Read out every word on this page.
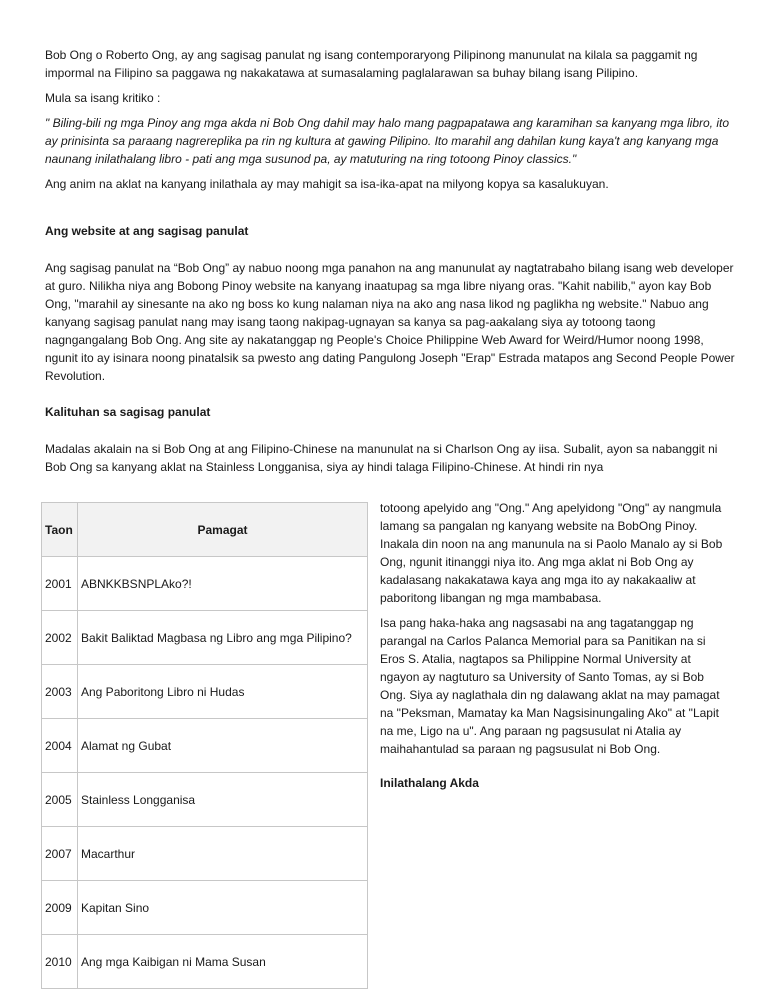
Bob Ong o Roberto Ong, ay ang sagisag panulat ng isang contemporaryong Pilipinong manunulat na kilala sa paggamit ng impormal na Filipino sa paggawa ng nakakatawa at sumasalaming paglalarawan sa buhay bilang isang Pilipino.

Mula sa isang kritiko :

" Biling-bili ng mga Pinoy ang mga akda ni Bob Ong dahil may halo mang pagpapatawa ang karamihan sa kanyang mga libro, ito ay prinisinta sa paraang nagrereplika pa rin ng kultura at gawing Pilipino. Ito marahil ang dahilan kung kaya't ang kanyang mga naunang inilathalang libro - pati ang mga susunod pa, ay matuturing na ring totoong Pinoy classics."

Ang anim na aklat na kanyang inilathala ay may mahigit sa isa-ika-apat na milyong kopya sa kasalukuyan.

Ang website at ang sagisag panulat

Ang sagisag panulat na “Bob Ong” ay nabuo noong mga panahon na ang manunulat ay nagtatrabaho bilang isang web developer at guro. Nilikha niya ang Bobong Pinoy website na kanyang inaatupag sa mga libre niyang oras. "Kahit nabilib," ayon kay Bob Ong, "marahil ay sinesante na ako ng boss ko kung nalaman niya na ako ang nasa likod ng paglikha ng website." Nabuo ang kanyang sagisag panulat nang may isang taong nakipag-ugnayan sa kanya sa pag-aakalang siya ay totoong taong nagngangalang Bob Ong. Ang site ay nakatanggap ng People's Choice Philippine Web Award for Weird/Humor noong 1998, ngunit ito ay isinara noong pinatalsik sa pwesto ang dating Pangulong Joseph "Erap" Estrada matapos ang Second People Power Revolution.

Kalituhan sa sagisag panulat

Madalas akalain na si Bob Ong at ang Filipino-Chinese na manunulat na si Charlson Ong ay iisa. Subalit, ayon sa nabanggit ni Bob Ong sa kanyang aklat na Stainless Longganisa, siya ay hindi talaga Filipino-Chinese. At hindi rin nya

Taon	Pamagat
2001	ABNKKBSNPLAko?!
2002	Bakit Baliktad Magbasa ng Libro ang mga Pilipino?
2003	Ang Paboritong Libro ni Hudas
2004	Alamat ng Gubat
2005	Stainless Longganisa
2007	Macarthur
2009	Kapitan Sino
2010	Ang mga Kaibigan ni Mama Susan

totoong apelyido ang "Ong." Ang apelyidong "Ong" ay nangmula lamang sa pangalan ng kanyang website na BobOng Pinoy. Inakala din noon na ang manunula na si Paolo Manalo ay si Bob Ong, ngunit itinanggi niya ito. Ang mga aklat ni Bob Ong ay kadalasang nakakatawa kaya ang mga ito ay nakakaaliw at paboritong libangan ng mga mambabasa.

Isa pang haka-haka ang nagsasabi na ang tagatanggap ng parangal na Carlos Palanca Memorial para sa Panitikan na si Eros S. Atalia, nagtapos sa Philippine Normal University at ngayon ay nagtuturo sa University of Santo Tomas, ay si Bob Ong. Siya ay naglathala din ng dalawang aklat na may pamagat na "Peksman, Mamatay ka Man Nagsisinungaling Ako" at "Lapit na me, Ligo na u". Ang paraan ng pagsusulat ni Atalia ay maihahantulad sa paraan ng pagsusulat ni Bob Ong.

Inilathalang Akda
